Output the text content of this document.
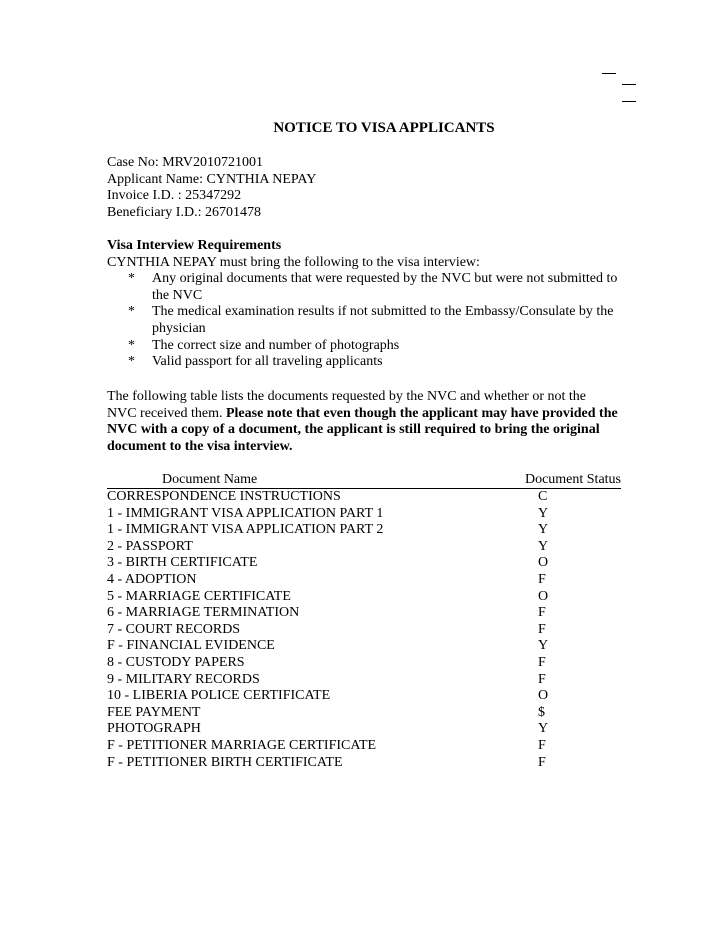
NOTICE TO VISA APPLICANTS
Case No: MRV2010721001
Applicant Name: CYNTHIA NEPAY
Invoice I.D. : 25347292
Beneficiary I.D.: 26701478
Visa Interview Requirements
CYNTHIA NEPAY must bring the following to the visa interview:
* Any original documents that were requested by the NVC but were not submitted to the NVC
* The medical examination results if not submitted to the Embassy/Consulate by the physician
* The correct size and number of photographs
* Valid passport for all traveling applicants
The following table lists the documents requested by the NVC and whether or not the NVC received them. Please note that even though the applicant may have provided the NVC with a copy of a document, the applicant is still required to bring the original document to the visa interview.
Document Name	Document Status
CORRESPONDENCE INSTRUCTIONS	C
1 - IMMIGRANT VISA APPLICATION PART 1	Y
1 - IMMIGRANT VISA APPLICATION PART 2	Y
2 - PASSPORT	Y
3 - BIRTH CERTIFICATE	O
4 - ADOPTION	F
5 - MARRIAGE CERTIFICATE	O
6 - MARRIAGE TERMINATION	F
7 - COURT RECORDS	F
F - FINANCIAL EVIDENCE	Y
8 - CUSTODY PAPERS	F
9 - MILITARY RECORDS	F
10 - LIBERIA POLICE CERTIFICATE	O
FEE PAYMENT	$
PHOTOGRAPH	Y
F - PETITIONER MARRIAGE CERTIFICATE	F
F - PETITIONER BIRTH CERTIFICATE	F
